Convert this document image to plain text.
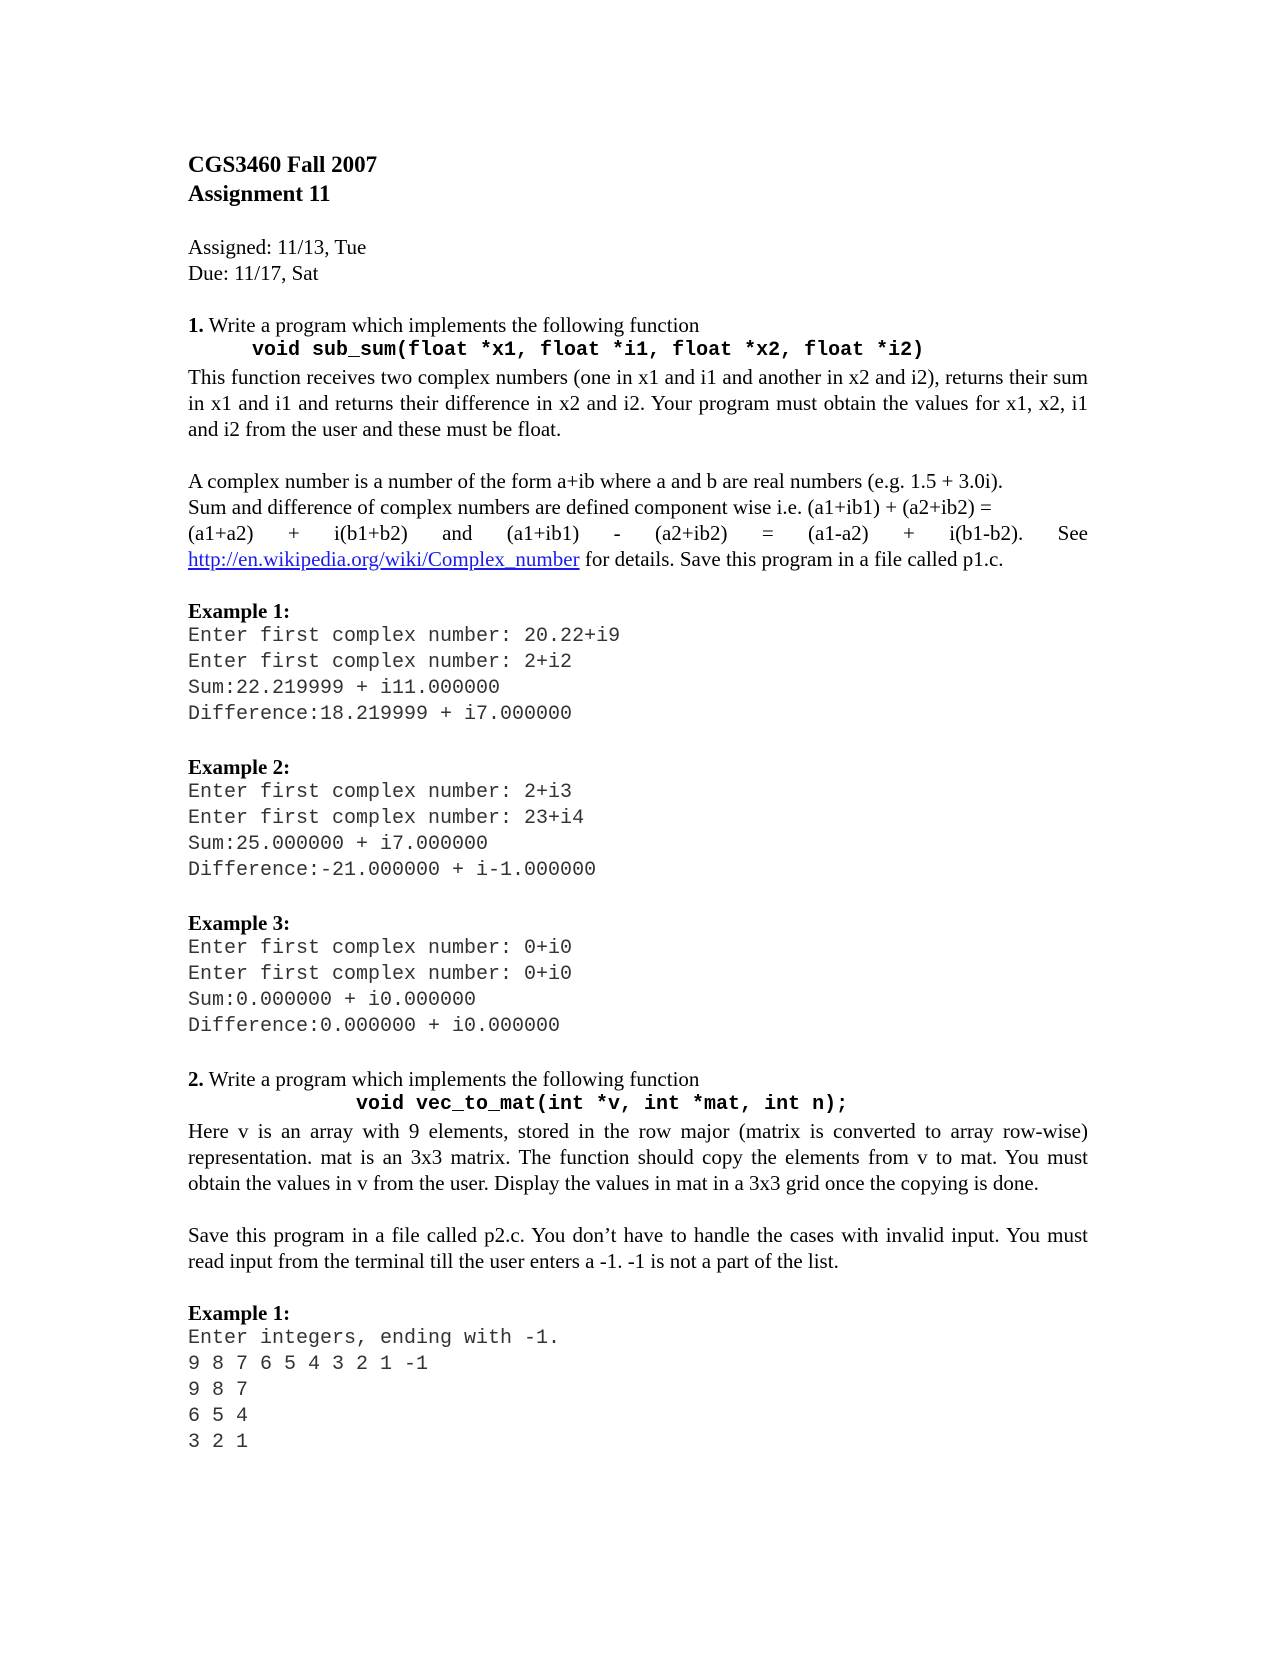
CGS3460 Fall 2007
Assignment 11
Assigned: 11/13, Tue
Due: 11/17, Sat

1. Write a program which implements the following function

void sub_sum(float *x1, float *i1, float *x2, float *i2)

This function receives two complex numbers (one in x1 and i1 and another in x2 and i2), returns their sum in x1 and i1 and returns their difference in x2 and i2. Your program must obtain the values for x1, x2, i1 and i2 from the user and these must be float.

A complex number is a number of the form a+ib where a and b are real numbers (e.g. 1.5 + 3.0i).

Sum and difference of complex numbers are defined component wise i.e. (a1+ib1) + (a2+ib2) =

(a1+a2) + i(b1+b2) and (a1+ib1) - (a2+ib2) = (a1-a2) + i(b1-b2). See

http://en.wikipedia.org/wiki/Complex_number for details. Save this program in a file called p1.c.

Example 1:
Enter first complex number: 20.22+i9
Enter first complex number: 2+i2
Sum:22.219999 + i11.000000
Difference:18.219999 + i7.000000
Example 2:
Enter first complex number: 2+i3
Enter first complex number: 23+i4
Sum:25.000000 + i7.000000
Difference:-21.000000 + i-1.000000
Example 3:
Enter first complex number: 0+i0
Enter first complex number: 0+i0
Sum:0.000000 + i0.000000
Difference:0.000000 + i0.000000

2. Write a program which implements the following function

void vec_to_mat(int *v, int *mat, int n);

Here v is an array with 9 elements, stored in the row major (matrix is converted to array row-wise) representation. mat is an 3x3 matrix. The function should copy the elements from v to mat. You must obtain the values in v from the user. Display the values in mat in a 3x3 grid once the copying is done.

Save this program in a file called p2.c. You don’t have to handle the cases with invalid input. You must read input from the terminal till the user enters a -1. -1 is not a part of the list.

Example 1:
Enter integers, ending with -1.
9 8 7 6 5 4 3 2 1 -1
9 8 7
6 5 4
3 2 1
